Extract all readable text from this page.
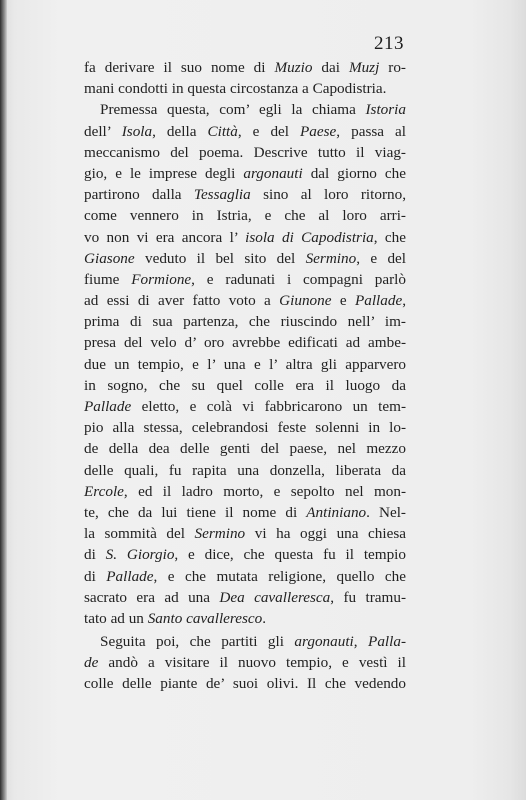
213
fa derivare il suo nome di Muzio dai Muzj ro-
mani condotti in questa circostanza a Capodistria.
Premessa questa, com’ egli la chiama Istoria
dell’ Isola, della Città, e del Paese, passa al
meccanismo del poema. Descrive tutto il viag-
gio, e le imprese degli argonauti dal giorno che
partirono dalla Tessaglia sino al loro ritorno,
come vennero in Istria, e che al loro arri-
vo non vi era ancora l’ isola di Capodistria, che
Giasone veduto il bel sito del Sermino, e del
fiume Formione, e radunati i compagni parlò
ad essi di aver fatto voto a Giunone e Pallade,
prima di sua partenza, che riuscindo nell’ im-
presa del velo d’ oro avrebbe edificati ad ambe-
due un tempio, e l’ una e l’ altra gli apparvero
in sogno, che su quel colle era il luogo da
Pallade eletto, e colà vi fabbricarono un tem-
pio alla stessa, celebrandosi feste solenni in lo-
de della dea delle genti del paese, nel mezzo
delle quali, fu rapita una donzella, liberata da
Ercole, ed il ladro morto, e sepolto nel mon-
te, che da lui tiene il nome di Antiniano. Nel-
la sommità del Sermino vi ha oggi una chiesa
di S. Giorgio, e dice, che questa fu il tempio
di Pallade, e che mutata religione, quello che
sacrato era ad una Dea cavalleresca, fu tramu-
tato ad un Santo cavalleresco.
Seguita poi, che partiti gli argonauti, Palla-
de andò a visitare il nuovo tempio, e vestì il
colle delle piante de’ suoi olivi. Il che vedendo
